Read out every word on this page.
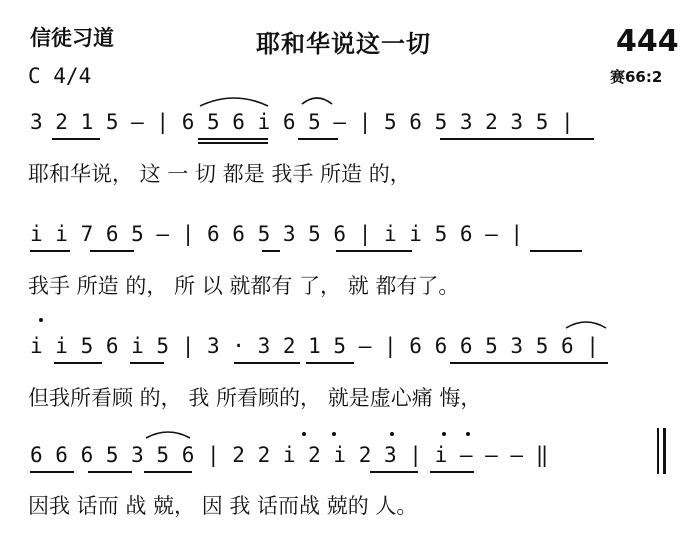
信徒习道	耶和华说这一切	444
C 4/4	赛66:2
3 2 1 5 — | 6 5 6 i 6 5 — | 5 6 5 3 2 3 5 |
耶和华说， 这 一 切 都是 我手 所造 的，
i i 7 6 5 — | 6 6 5 3 5 6 | i i 5 6 — |
我手 所造 的， 所 以 就都有 了， 就 都有了。
i i 5 6 i 5 | 3 · 3 2 1 5 — | 6 6 6 5 3 5 6 |
但我所看顾 的， 我 所看顾的， 就是虚心痛 悔，
6 6 6 5 3 5 6 | 2 2 i 2 i 2 3 | i — — — ‖
因我 话而 战 兢， 因 我 话而战 兢的 人。
